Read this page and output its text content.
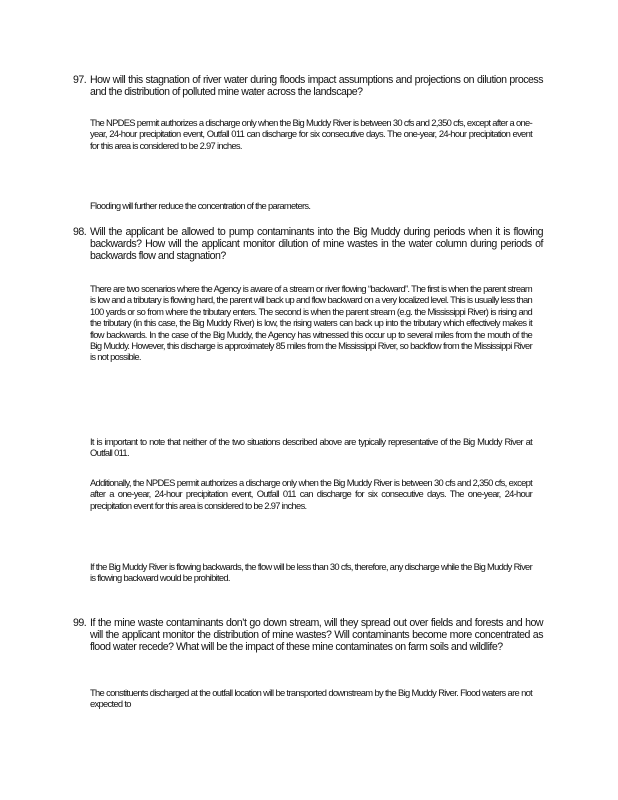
97. How will this stagnation of river water during floods impact assumptions and projections on dilution process and the distribution of polluted mine water across the landscape?

The NPDES permit authorizes a discharge only when the Big Muddy River is between 30 cfs and 2,350 cfs, except after a one-year, 24-hour precipitation event, Outfall 011 can discharge for six consecutive days. The one-year, 24-hour precipitation event for this area is considered to be 2.97 inches.

Flooding will further reduce the concentration of the parameters.

98. Will the applicant be allowed to pump contaminants into the Big Muddy during periods when it is flowing backwards? How will the applicant monitor dilution of mine wastes in the water column during periods of backwards flow and stagnation?

There are two scenarios where the Agency is aware of a stream or river flowing “backward”. The first is when the parent stream is low and a tributary is flowing hard, the parent will back up and flow backward on a very localized level. This is usually less than 100 yards or so from where the tributary enters. The second is when the parent stream (e.g. the Mississippi River) is rising and the tributary (in this case, the Big Muddy River) is low, the rising waters can back up into the tributary which effectively makes it flow backwards. In the case of the Big Muddy, the Agency has witnessed this occur up to several miles from the mouth of the Big Muddy. However, this discharge is approximately 85 miles from the Mississippi River, so backflow from the Mississippi River is not possible.

It is important to note that neither of the two situations described above are typically representative of the Big Muddy River at Outfall 011.

Additionally, the NPDES permit authorizes a discharge only when the Big Muddy River is between 30 cfs and 2,350 cfs, except after a one-year, 24-hour precipitation event, Outfall 011 can discharge for six consecutive days. The one-year, 24-hour precipitation event for this area is considered to be 2.97 inches.

If the Big Muddy River is flowing backwards, the flow will be less than 30 cfs, therefore, any discharge while the Big Muddy River is flowing backward would be prohibited.

99. If the mine waste contaminants don’t go down stream, will they spread out over fields and forests and how will the applicant monitor the distribution of mine wastes? Will contaminants become more concentrated as flood water recede? What will be the impact of these mine contaminates on farm soils and wildlife?

The constituents discharged at the outfall location will be transported downstream by the Big Muddy River. Flood waters are not expected to
